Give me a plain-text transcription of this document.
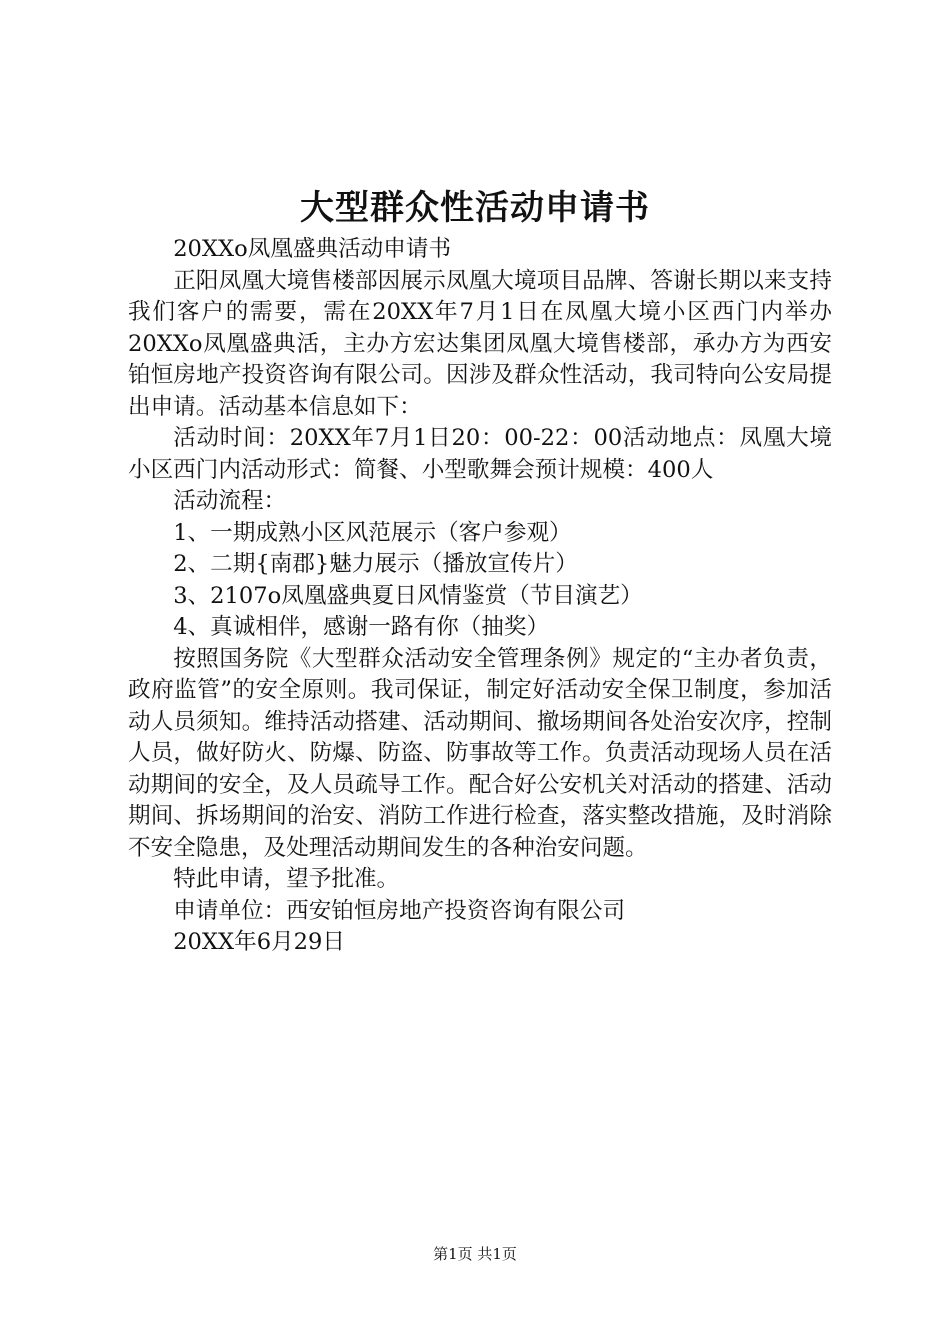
大型群众性活动申请书

20XXo凤凰盛典活动申请书

正阳凤凰大境售楼部因展示凤凰大境项目品牌、答谢长期以来支持我们客户的需要，需在20XX年7月1日在凤凰大境小区西门内举办20XXo凤凰盛典活，主办方宏达集团凤凰大境售楼部，承办方为西安铂恒房地产投资咨询有限公司。因涉及群众性活动，我司特向公安局提出申请。活动基本信息如下：

活动时间：20XX年7月1日20：00-22：00活动地点：凤凰大境小区西门内活动形式：简餐、小型歌舞会预计规模：400人

活动流程：

1、一期成熟小区风范展示（客户参观）

2、二期{南郡}魅力展示（播放宣传片）

3、2107o凤凰盛典夏日风情鉴赏（节目演艺）

4、真诚相伴，感谢一路有你（抽奖）

按照国务院《大型群众活动安全管理条例》规定的“主办者负责，政府监管”的安全原则。我司保证，制定好活动安全保卫制度，参加活动人员须知。维持活动搭建、活动期间、撤场期间各处治安次序，控制人员，做好防火、防爆、防盗、防事故等工作。负责活动现场人员在活动期间的安全，及人员疏导工作。配合好公安机关对活动的搭建、活动期间、拆场期间的治安、消防工作进行检查，落实整改措施，及时消除不安全隐患，及处理活动期间发生的各种治安问题。

特此申请，望予批准。

申请单位：西安铂恒房地产投资咨询有限公司

20XX年6月29日

第1页 共1页
